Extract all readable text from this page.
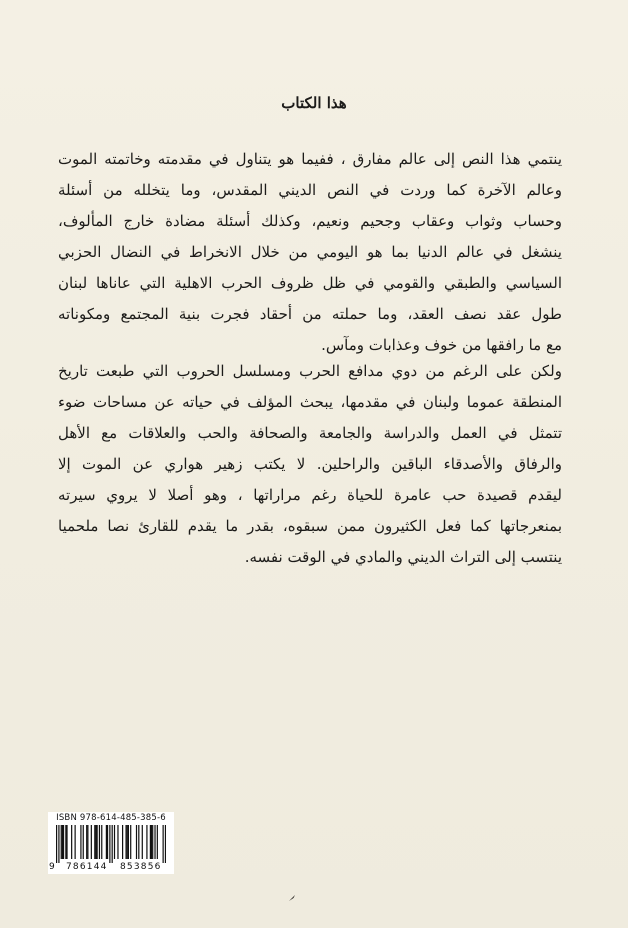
هذا الكتاب
ينتمي هذا النص إلى عالم مفارق ، ففيما هو يتناول في مقدمته وخاتمته الموت
وعالم الآخرة كما وردت في النص الديني المقدس، وما يتخلله من أسئلة
وحساب وثواب وعقاب وجحيم ونعيم، وكذلك أسئلة مضادة خارج المألوف،
ينشغل في عالم الدنيا بما هو اليومي من خلال الانخراط في النضال الحزبي
السياسي والطبقي والقومي في ظل ظروف الحرب الاهلية التي عاناها لبنان
طول عقد نصف العقد، وما حملته من أحقاد فجرت بنية المجتمع ومكوناته
مع ما رافقها من خوف وعذابات ومآس.
ولكن على الرغم من دوي مدافع الحرب ومسلسل الحروب التي طبعت تاريخ
المنطقة عموما ولبنان في مقدمها، يبحث المؤلف في حياته عن مساحات ضوء
تتمثل في العمل والدراسة والجامعة والصحافة والحب والعلاقات مع الأهل
والرفاق والأصدقاء الباقين والراحلين. لا يكتب زهير هواري عن الموت إلا
ليقدم قصيدة حب عامرة للحياة رغم مراراتها ، وهو أصلا لا يروي سيرته
بمنعرجاتها كما فعل الكثيرون ممن سبقوه، بقدر ما يقدم للقارئ نصا ملحميا
ينتسب إلى التراث الديني والمادي في الوقت نفسه.
ISBN 978-614-485-385-6
9 786144 853856
